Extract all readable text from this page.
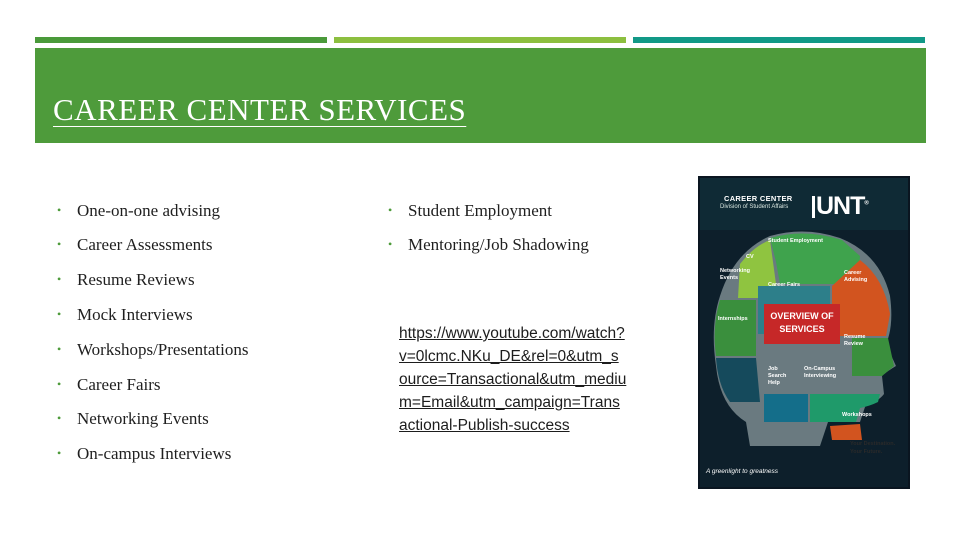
CAREER CENTER SERVICES
• One-on-one advising
• Career Assessments
• Resume Reviews
• Mock Interviews
• Workshops/Presentations
• Career Fairs
• Networking Events
• On-campus Interviews
• Student Employment
• Mentoring/Job Shadowing
https://www.youtube.com/watch?v=0lcmc.NKu_DE&rel=0&utm_source=Transactional&utm_medium=Email&utm_campaign=Transactional-Publish-success
CAREER CENTER
Division of Student Affairs UNT®
Student Employment
CV
Networking Events
Career Fairs
Career Advising
Internships
Resume Review
Job Search Help
On-Campus Interviewing
Workshops
OVERVIEW OF
SERVICES
Your Destination.
Your Future.
A greenlight to greatness
